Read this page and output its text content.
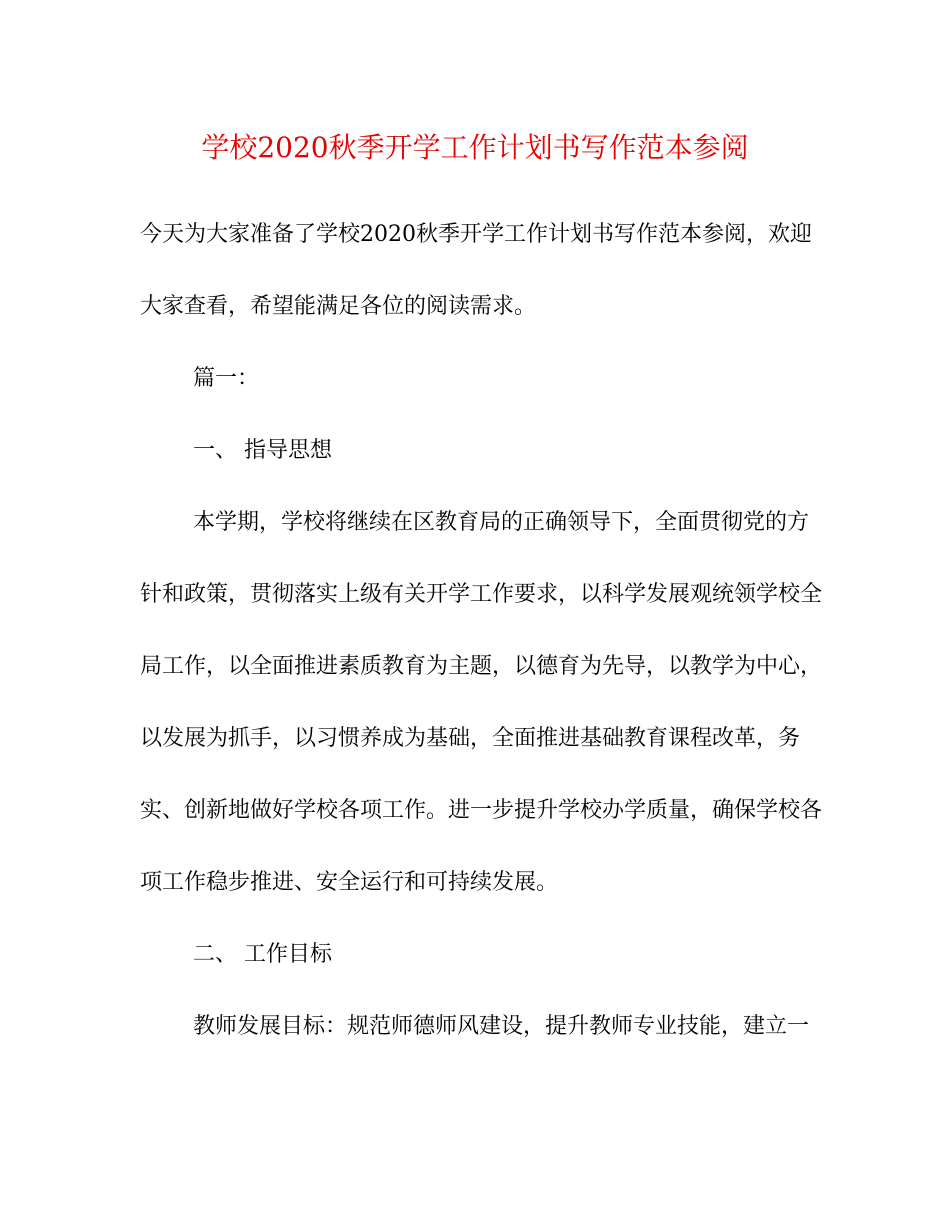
学校2020秋季开学工作计划书写作范本参阅
今天为大家准备了学校2020秋季开学工作计划书写作范本参阅，欢迎
大家查看，希望能满足各位的阅读需求。
篇一：
一、 指导思想
本学期，学校将继续在区教育局的正确领导下，全面贯彻党的方
针和政策，贯彻落实上级有关开学工作要求，以科学发展观统领学校全
局工作，以全面推进素质教育为主题，以德育为先导，以教学为中心，
以发展为抓手，以习惯养成为基础，全面推进基础教育课程改革，务
实、创新地做好学校各项工作。进一步提升学校办学质量，确保学校各
项工作稳步推进、安全运行和可持续发展。
二、 工作目标
教师发展目标：规范师德师风建设，提升教师专业技能，建立一
